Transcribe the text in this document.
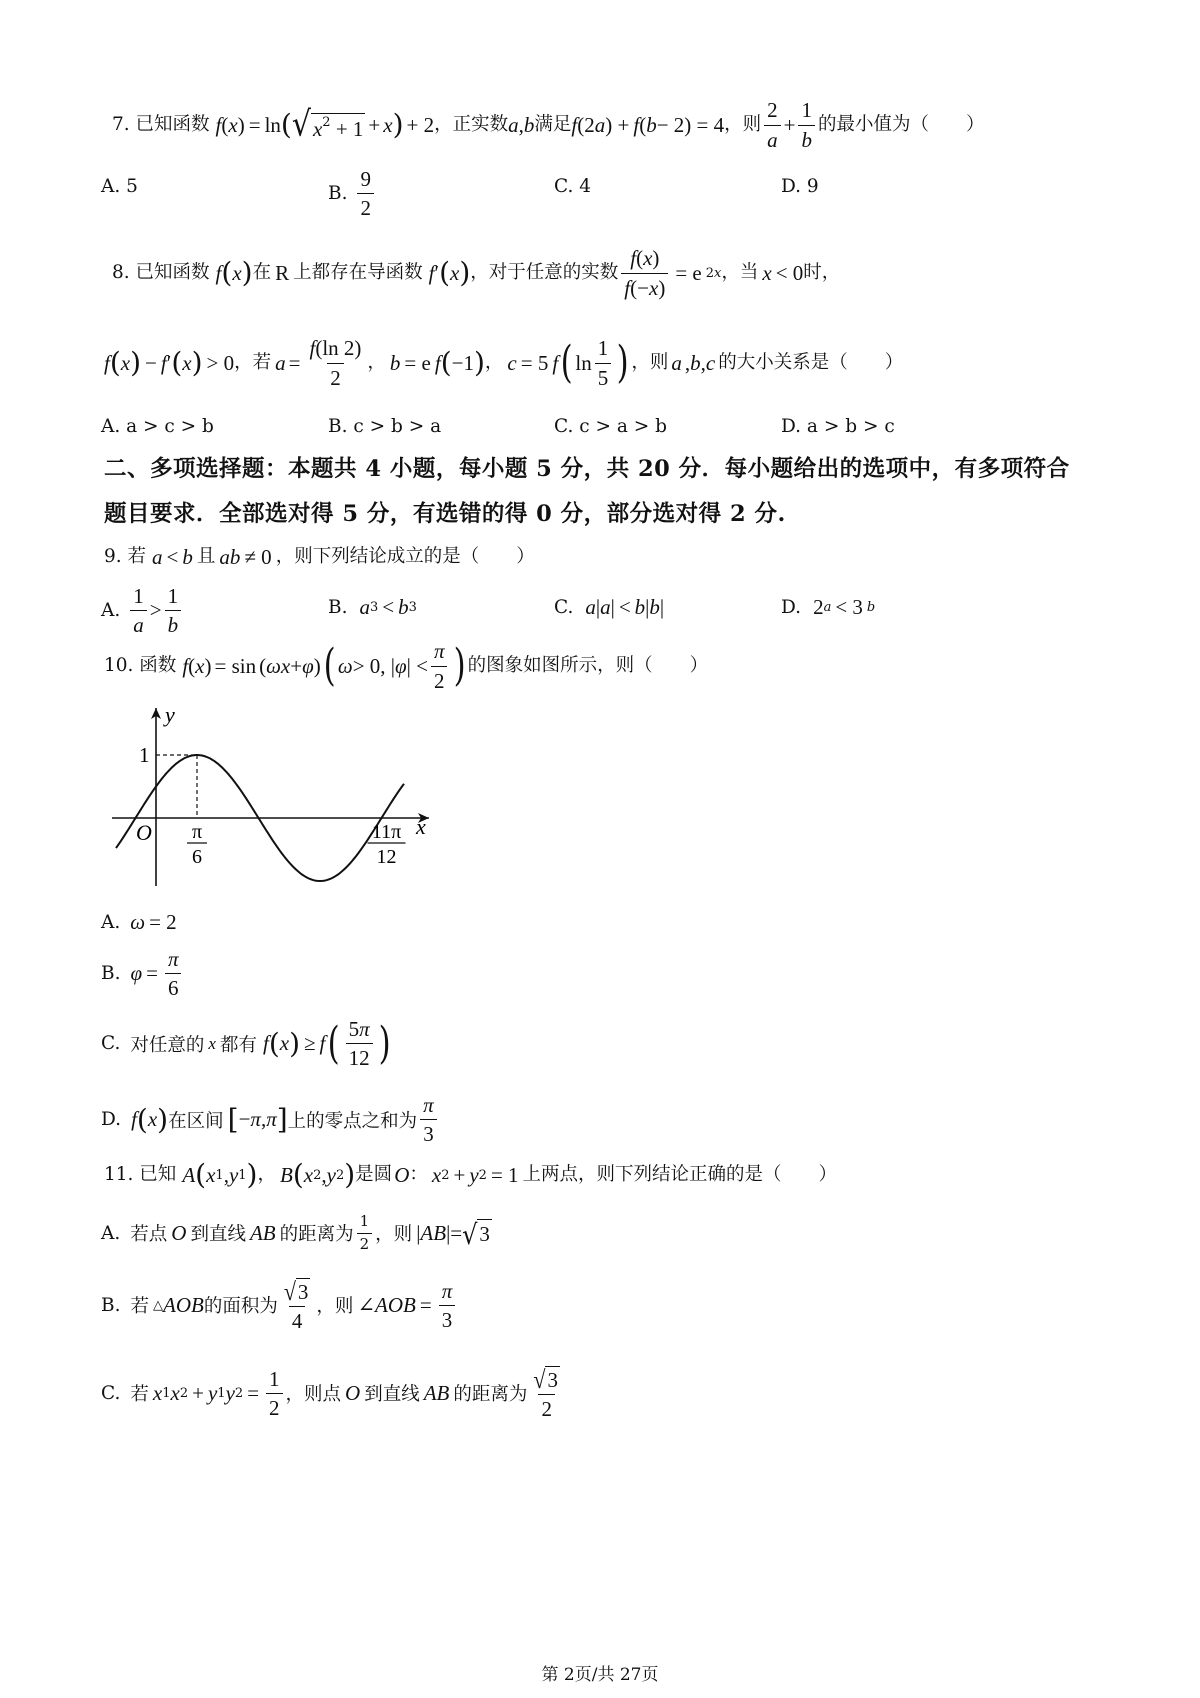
7. 已知函数 f ( x ) = ln ( √ $x^2 + 1 + x$ ) + 2 ，正实数 a , b 满足 f (2 a ) + f ( b − 2) = 4 ，则 $\frac{2}{a} + \frac{1}{b}$ 的最小值为（　　）
A. 5	B. $\frac{9}{2}$	C. 4	D. 9
8. 已知函数 f ( x ) 在 R 上都存在导函数 f ′ ( x ) ，对于任意的实数 $\frac{f(x)}{f(-x)} = e$ 2x ，当 x < 0 时，
f ( x ) − f ′ ( x ) > 0 ，若 $a = \frac{f(\ln 2)}{2}$ ， b = e f ( −1 ) ， c = 5 f ( $\ln \frac{1}{5}$ ) ，则 a , b , c 的大小关系是（　　）
A. a > c > b	B. c > b > a	C. c > a > b	D. a > b > c
二、多项选择题：本题共 4 小题，每小题 5 分，共 20 分．每小题给出的选项中，有多项符合
题目要求．全部选对得 5 分，有选错的得 0 分，部分选对得 2 分.
9. 若 a < b 且 ab ≠ 0 ，则下列结论成立的是（　　）
A. $\frac{1}{a} > \frac{1}{b}$	B. a 3 < b 3	C. a | a | < b | b |	D. 2 a < 3 b
10. 函数 f ( x ) = sin ( ωx + φ ) ( ω > 0, | φ | < $\frac{\pi}{2}$ ) 的图象如图所示，则（　　）
y
x
O
1
π
6
11π
12
A. ω = 2
B. $\varphi = \frac{\pi}{6}$
C. 对任意的 x 都有 f ( x ) ≥ f ( $\frac{5\pi}{12}$ )
D. f ( x ) 在区间 [ − π , π ] 上的零点之和为 $\frac{\pi}{3}$
11. 已知 A ( x 1 , y 1 ) ， B ( x 2 , y 2 ) 是圆 O ： x 2 + y 2 = 1 上两点，则下列结论正确的是（　　）
A. 若点 O 到直线 AB 的距离为 $\frac{1}{2}$ ，则 | AB |= √ 3
B. 若 △ AOB 的面积为 $\frac{√ 3}{4}$ ，则 ∠ AOB = $\frac{\pi}{3}$
C. 若 x 1 x 2 + y 1 y $2 = \frac{1}{2}$ ，则点 O 到直线 AB 的距离为 $\frac{√ 3}{2}$
第 2页/共 27页
